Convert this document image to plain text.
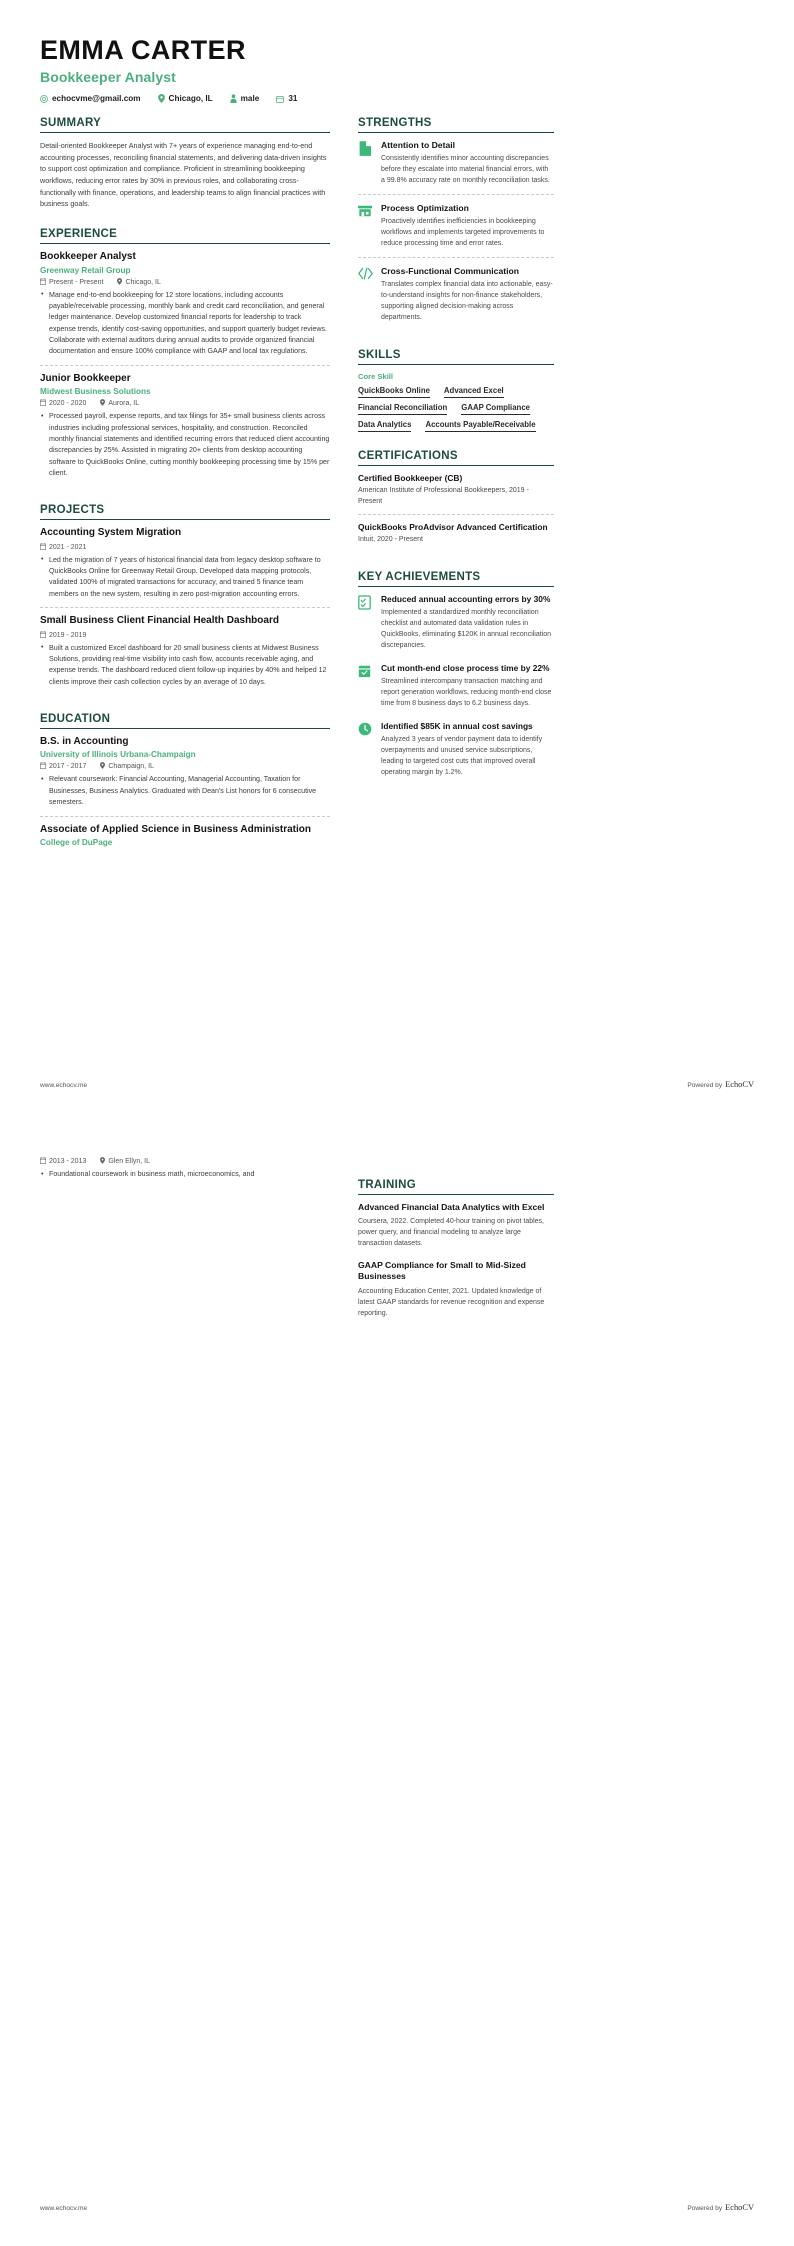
EMMA CARTER
Bookkeeper Analyst
echocvme@gmail.com	Chicago, IL	male	31
SUMMARY
Detail-oriented Bookkeeper Analyst with 7+ years of experience managing end-to-end accounting processes, reconciling financial statements, and delivering data-driven insights to support cost optimization and compliance. Proficient in streamlining bookkeeping workflows, reducing error rates by 30% in previous roles, and collaborating cross-functionally with finance, operations, and leadership teams to align financial practices with business goals.
EXPERIENCE
Bookkeeper Analyst
Greenway Retail Group
Present - Present	Chicago, IL
• Manage end-to-end bookkeeping for 12 store locations, including accounts payable/receivable processing, monthly bank and credit card reconciliation, and general ledger maintenance. Develop customized financial reports for leadership to track expense trends, identify cost-saving opportunities, and support quarterly budget reviews. Collaborate with external auditors during annual audits to provide organized financial documentation and ensure 100% compliance with GAAP and local tax regulations.
Junior Bookkeeper
Midwest Business Solutions
2020 - 2020	Aurora, IL
• Processed payroll, expense reports, and tax filings for 35+ small business clients across industries including professional services, hospitality, and construction. Reconciled monthly financial statements and identified recurring errors that reduced client accounting discrepancies by 25%. Assisted in migrating 20+ clients from desktop accounting software to QuickBooks Online, cutting monthly bookkeeping processing time by 15% per client.
PROJECTS
Accounting System Migration
2021 - 2021
• Led the migration of 7 years of historical financial data from legacy desktop software to QuickBooks Online for Greenway Retail Group. Developed data mapping protocols, validated 100% of migrated transactions for accuracy, and trained 5 finance team members on the new system, resulting in zero post-migration accounting errors.
Small Business Client Financial Health Dashboard
2019 - 2019
• Built a customized Excel dashboard for 20 small business clients at Midwest Business Solutions, providing real-time visibility into cash flow, accounts receivable aging, and expense trends. The dashboard reduced client follow-up inquiries by 40% and helped 12 clients improve their cash collection cycles by an average of 10 days.
EDUCATION
B.S. in Accounting
University of Illinois Urbana-Champaign
2017 - 2017	Champaign, IL
• Relevant coursework: Financial Accounting, Managerial Accounting, Taxation for Businesses, Business Analytics. Graduated with Dean's List honors for 6 consecutive semesters.
Associate of Applied Science in Business Administration
College of DuPage
STRENGTHS
Attention to Detail
Consistently identifies minor accounting discrepancies before they escalate into material financial errors, with a 99.8% accuracy rate on monthly reconciliation tasks.
Process Optimization
Proactively identifies inefficiencies in bookkeeping workflows and implements targeted improvements to reduce processing time and error rates.
Cross-Functional Communication
Translates complex financial data into actionable, easy-to-understand insights for non-finance stakeholders, supporting aligned decision-making across departments.
SKILLS
Core Skill
QuickBooks Online Advanced Excel
Financial Reconciliation GAAP Compliance
Data Analytics Accounts Payable/Receivable
CERTIFICATIONS
Certified Bookkeeper (CB)
American Institute of Professional Bookkeepers, 2019 - Present
QuickBooks ProAdvisor Advanced Certification
Intuit, 2020 - Present
KEY ACHIEVEMENTS
Reduced annual accounting errors by 30%
Implemented a standardized monthly reconciliation checklist and automated data validation rules in QuickBooks, eliminating $120K in annual reconciliation discrepancies.
Cut month-end close process time by 22%
Streamlined intercompany transaction matching and report generation workflows, reducing month-end close time from 8 business days to 6.2 business days.
Identified $85K in annual cost savings
Analyzed 3 years of vendor payment data to identify overpayments and unused service subscriptions, leading to targeted cost cuts that improved overall operating margin by 1.2%.
www.echocv.me	Powered by EchoCV
2013 - 2013	Glen Ellyn, IL
• Foundational coursework in business math, microeconomics, and
TRAINING
Advanced Financial Data Analytics with Excel
Coursera, 2022. Completed 40-hour training on pivot tables, power query, and financial modeling to analyze large transaction datasets.
GAAP Compliance for Small to Mid-Sized Businesses
Accounting Education Center, 2021. Updated knowledge of latest GAAP standards for revenue recognition and expense reporting.
www.echocv.me	Powered by EchoCV
